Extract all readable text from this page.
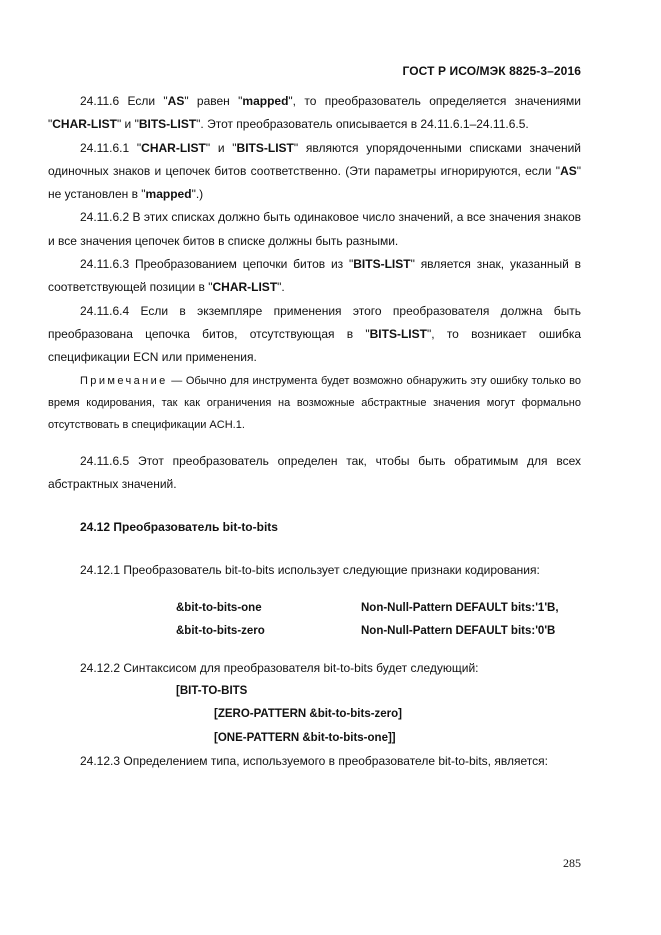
ГОСТ Р ИСО/МЭК 8825-3–2016

24.11.6 Если "AS" равен "mapped", то преобразователь определяется значениями "CHAR-LIST" и "BITS-LIST". Этот преобразователь описывается в 24.11.6.1–24.11.6.5.

24.11.6.1 "CHAR-LIST" и "BITS-LIST" являются упорядоченными списками значений одиночных знаков и цепочек битов соответственно. (Эти параметры игнорируются, если "AS" не установлен в "mapped".)

24.11.6.2 В этих списках должно быть одинаковое число значений, а все значения знаков и все значения цепочек битов в списке должны быть разными.

24.11.6.3 Преобразованием цепочки битов из "BITS-LIST" является знак, указанный в соответствующей позиции в "CHAR-LIST".

24.11.6.4 Если в экземпляре применения этого преобразователя должна быть преобразована цепочка битов, отсутствующая в "BITS-LIST", то возникает ошибка спецификации ECN или применения.

Примечание — Обычно для инструмента будет возможно обнаружить эту ошибку только во время кодирования, так как ограничения на возможные абстрактные значения могут формально отсутствовать в спецификации ACH.1.

24.11.6.5 Этот преобразователь определен так, чтобы быть обратимым для всех абстрактных значений.

24.12 Преобразователь bit-to-bits

24.12.1 Преобразователь bit-to-bits использует следующие признаки кодирования:

&bit-to-bits-one	Non-Null-Pattern DEFAULT bits:'1'B,
&bit-to-bits-zero	Non-Null-Pattern DEFAULT bits:'0'B

24.12.2 Синтаксисом для преобразователя bit-to-bits будет следующий:

[BIT-TO-BITS
[ZERO-PATTERN &bit-to-bits-zero]
[ONE-PATTERN &bit-to-bits-one]]

24.12.3 Определением типа, используемого в преобразователе bit-to-bits, является:

285
